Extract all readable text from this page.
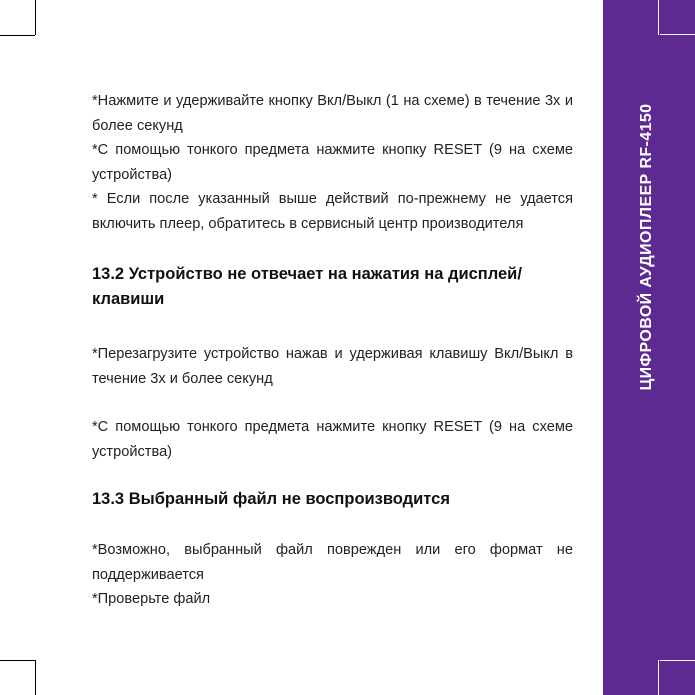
ЦИФРОВОЙ АУДИОПЛЕЕР RF-4150

*Нажмите и удерживайте кнопку Вкл/Выкл (1 на схеме) в течение 3х и более секунд

*С помощью тонкого предмета нажмите кнопку RESET (9 на схеме устройства)

* Если после указанный выше действий по-прежнему не удается включить плеер, обратитесь в сервисный центр производителя

13.2 Устройство не отвечает на нажатия на дисплей/клавиши

*Перезагрузите устройство нажав и удерживая клавишу Вкл/Выкл в течение 3х и более секунд

*С помощью тонкого предмета нажмите кнопку RESET (9 на схеме устройства)

13.3 Выбранный файл не воспроизводится

*Возможно, выбранный файл поврежден или его формат не поддерживается

*Проверьте файл
